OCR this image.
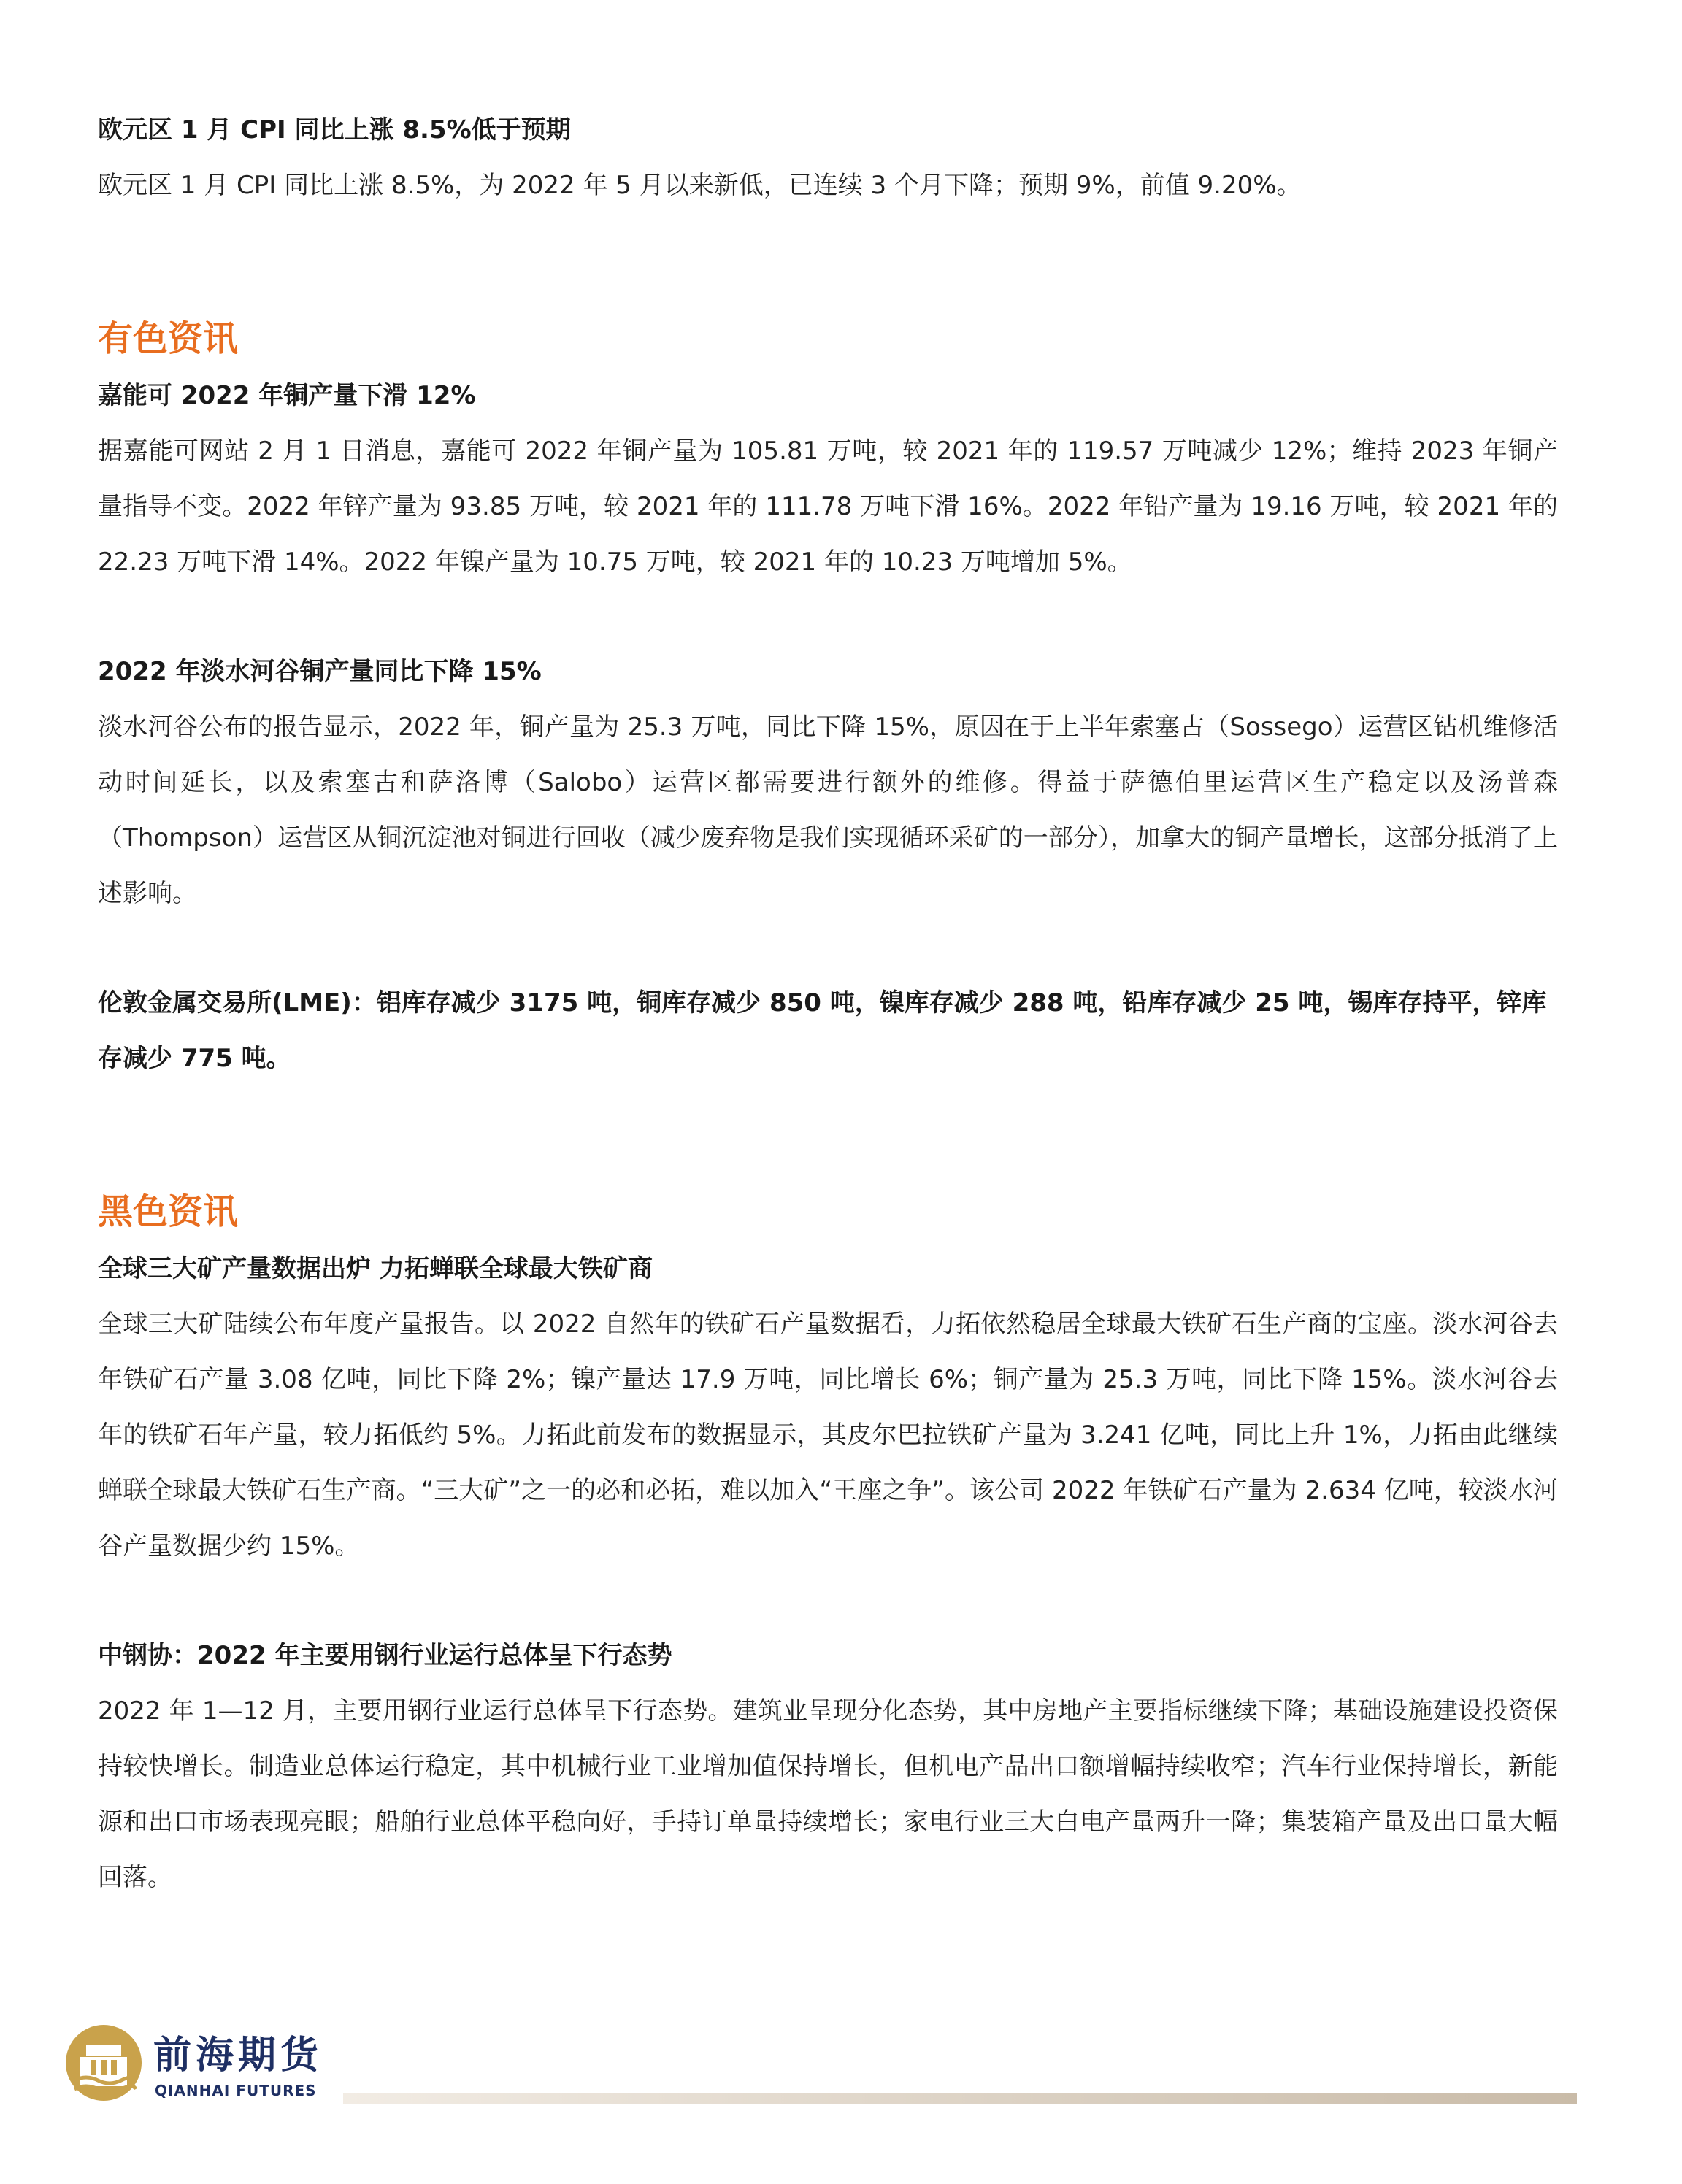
欧元区 1 月 CPI 同比上涨 8.5%低于预期

欧元区 1 月 CPI 同比上涨 8.5%，为 2022 年 5 月以来新低，已连续 3 个月下降；预期 9%，前值 9.20%。

有色资讯

嘉能可 2022 年铜产量下滑 12%

据嘉能可网站 2 月 1 日消息，嘉能可 2022 年铜产量为 105.81 万吨，较 2021 年的 119.57 万吨减少 12%；维持 2023 年铜产量指导不变。2022 年锌产量为 93.85 万吨，较 2021 年的 111.78 万吨下滑 16%。2022 年铅产量为 19.16 万吨，较 2021 年的 22.23 万吨下滑 14%。2022 年镍产量为 10.75 万吨，较 2021 年的 10.23 万吨增加 5%。

2022 年淡水河谷铜产量同比下降 15%

淡水河谷公布的报告显示，2022 年，铜产量为 25.3 万吨，同比下降 15%，原因在于上半年索塞古（Sossego）运营区钻机维修活动时间延长，以及索塞古和萨洛博（Salobo）运营区都需要进行额外的维修。得益于萨德伯里运营区生产稳定以及汤普森（Thompson）运营区从铜沉淀池对铜进行回收（减少废弃物是我们实现循环采矿的一部分），加拿大的铜产量增长，这部分抵消了上述影响。

伦敦金属交易所(LME)：铝库存减少 3175 吨，铜库存减少 850 吨，镍库存减少 288 吨，铅库存减少 25 吨，锡库存持平，锌库存减少 775 吨。

黑色资讯

全球三大矿产量数据出炉 力拓蝉联全球最大铁矿商

全球三大矿陆续公布年度产量报告。以 2022 自然年的铁矿石产量数据看，力拓依然稳居全球最大铁矿石生产商的宝座。淡水河谷去年铁矿石产量 3.08 亿吨，同比下降 2%；镍产量达 17.9 万吨，同比增长 6%；铜产量为 25.3 万吨，同比下降 15%。淡水河谷去年的铁矿石年产量，较力拓低约 5%。力拓此前发布的数据显示，其皮尔巴拉铁矿产量为 3.241 亿吨，同比上升 1%，力拓由此继续蝉联全球最大铁矿石生产商。“三大矿”之一的必和必拓，难以加入“王座之争”。该公司 2022 年铁矿石产量为 2.634 亿吨，较淡水河谷产量数据少约 15%。

中钢协：2022 年主要用钢行业运行总体呈下行态势

2022 年 1—12 月，主要用钢行业运行总体呈下行态势。建筑业呈现分化态势，其中房地产主要指标继续下降；基础设施建设投资保持较快增长。制造业总体运行稳定，其中机械行业工业增加值保持增长，但机电产品出口额增幅持续收窄；汽车行业保持增长，新能源和出口市场表现亮眼；船舶行业总体平稳向好，手持订单量持续增长；家电行业三大白电产量两升一降；集装箱产量及出口量大幅回落。

前海期货
QIANHAI FUTURES
